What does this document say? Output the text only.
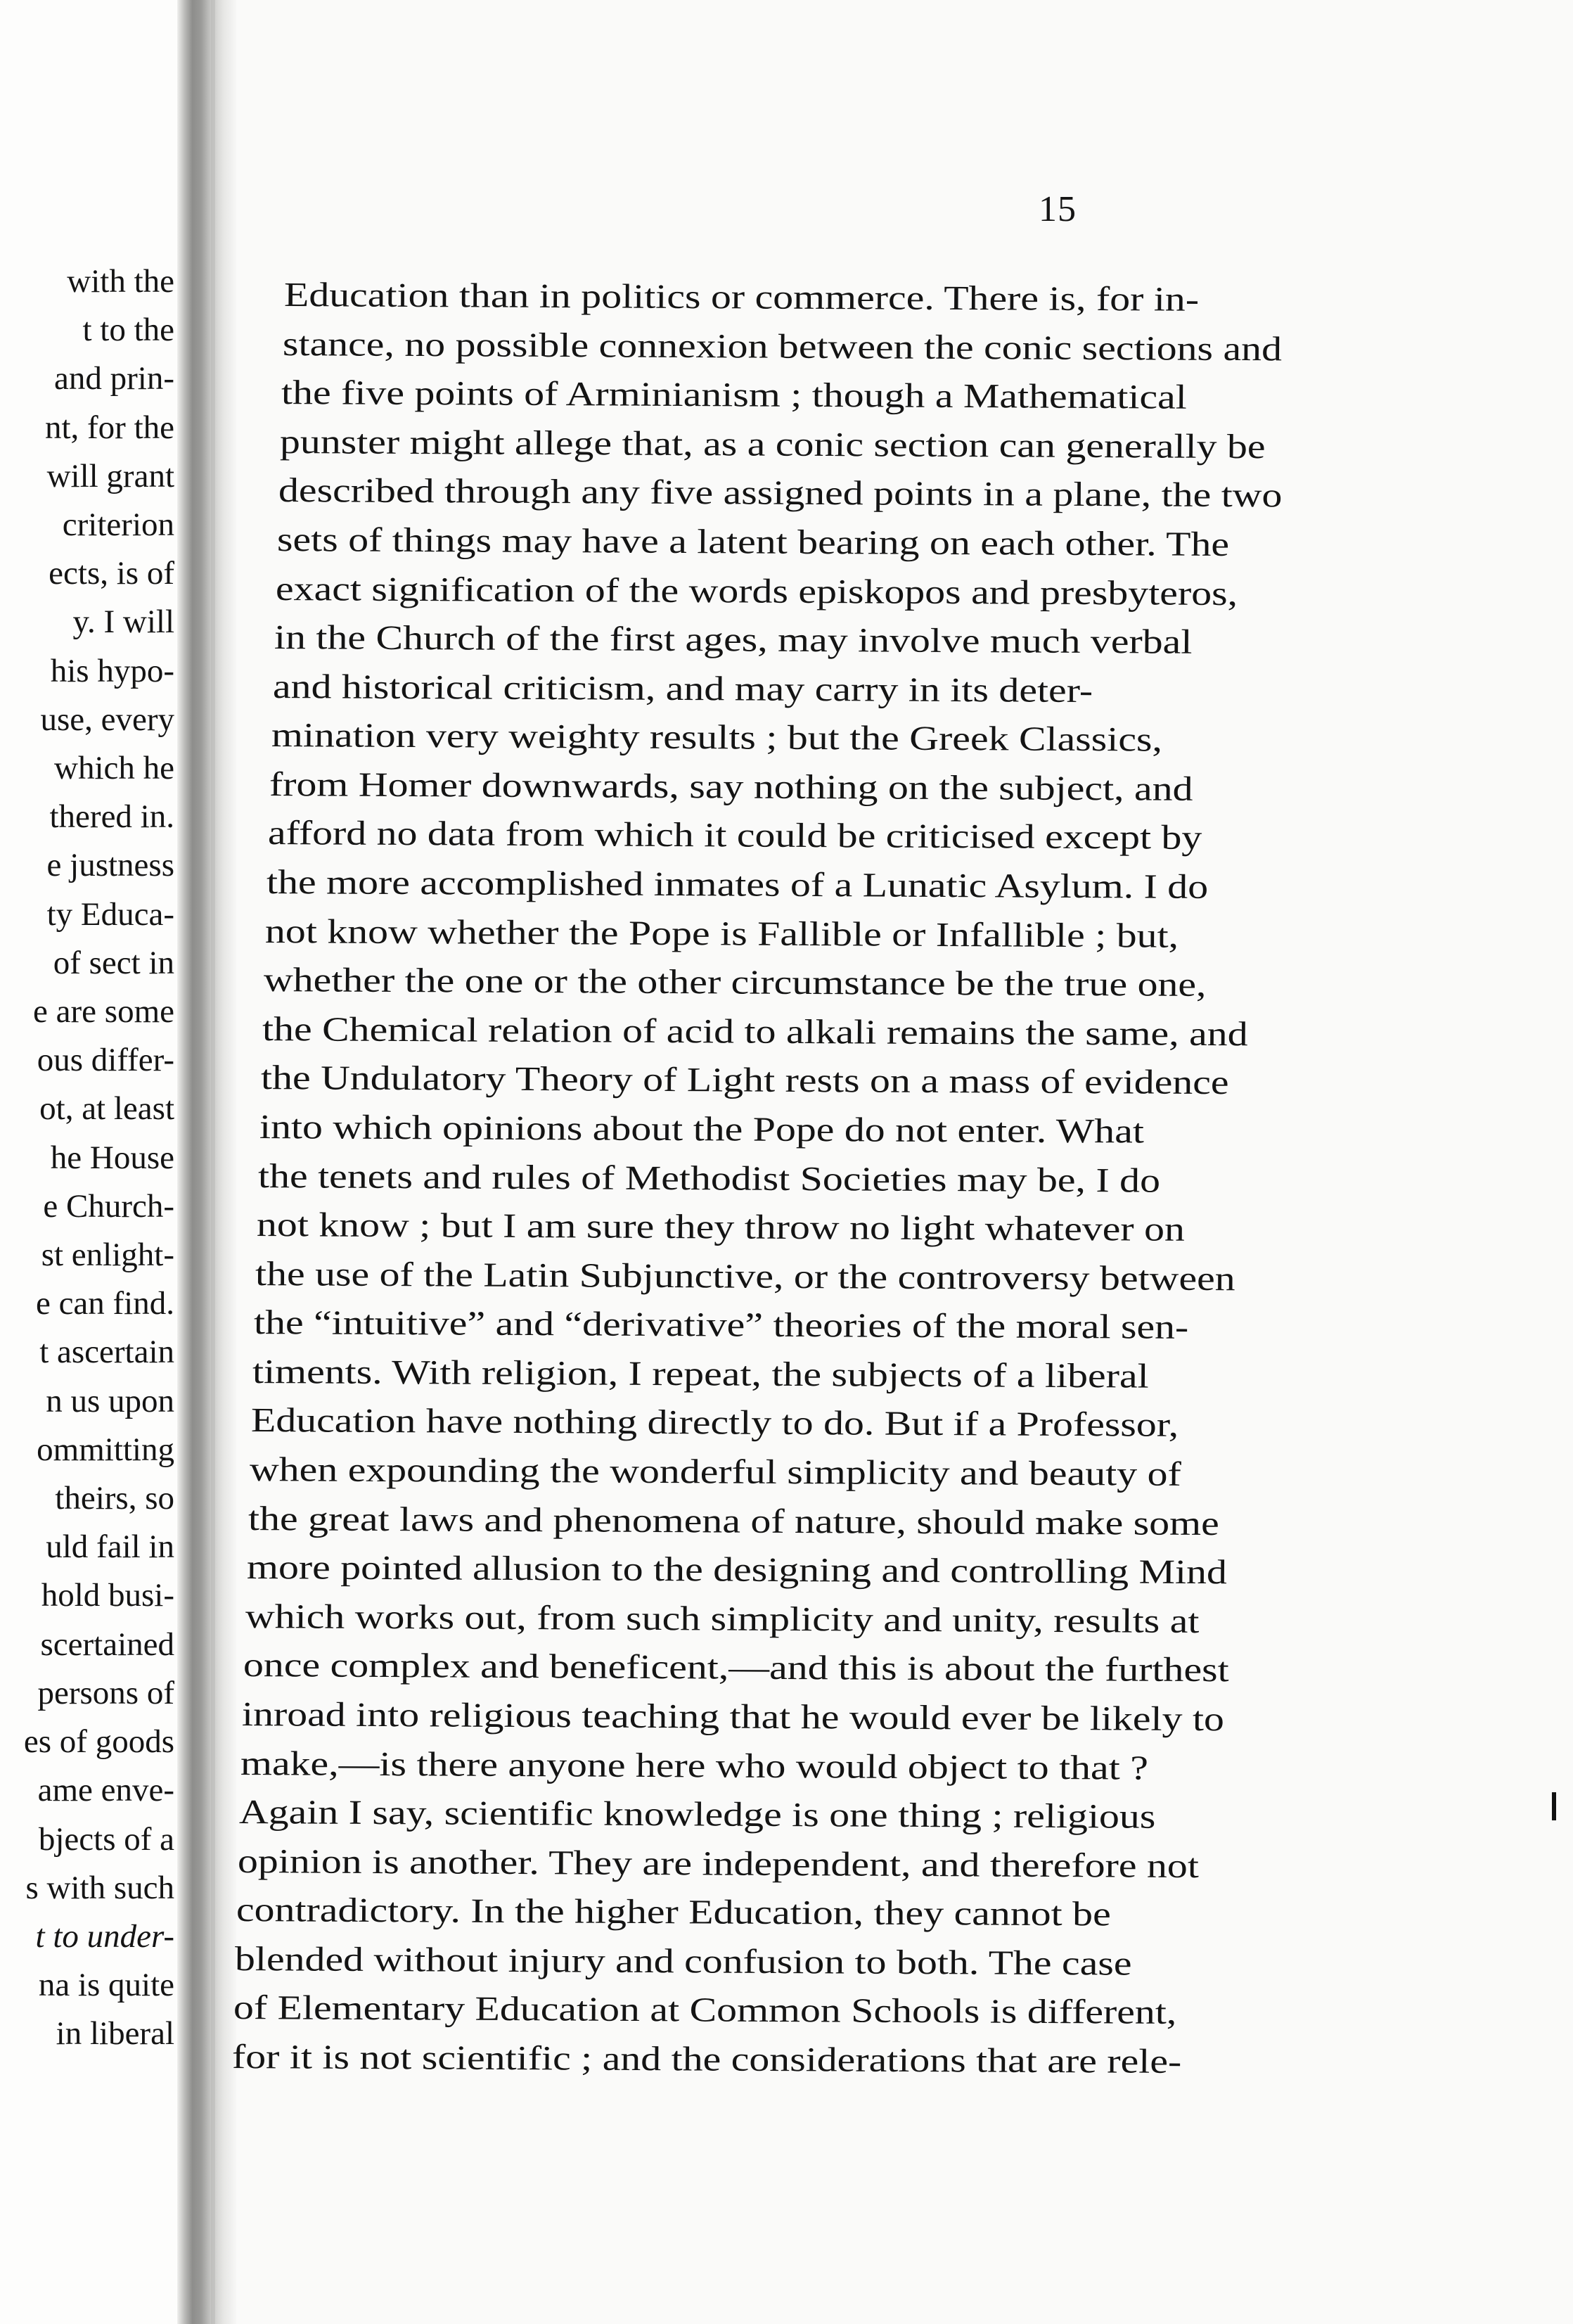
with the
t to the
and prin-
nt, for the
will grant
criterion
ects, is of
y. I will
his hypo-
use, every
which he
thered in.
e justness
ty Educa-
of sect in
e are some
ous differ-
ot, at least
he House
e Church-
st enlight-
e can find.
t ascertain
n us upon
ommitting
theirs, so
uld fail in
hold busi-
scertained
persons of
es of goods
ame enve-
bjects of a
s with such
t to under-
na is quite
in liberal
15
Education than in politics or commerce. There is, for in-
stance, no possible connexion between the conic sections and
the five points of Arminianism ; though a Mathematical
punster might allege that, as a conic section can generally be
described through any five assigned points in a plane, the two
sets of things may have a latent bearing on each other. The
exact signification of the words episkopos and presbyteros,
in the Church of the first ages, may involve much verbal
and historical criticism, and may carry in its deter-
mination very weighty results ; but the Greek Classics,
from Homer downwards, say nothing on the subject, and
afford no data from which it could be criticised except by
the more accomplished inmates of a Lunatic Asylum. I do
not know whether the Pope is Fallible or Infallible ; but,
whether the one or the other circumstance be the true one,
the Chemical relation of acid to alkali remains the same, and
the Undulatory Theory of Light rests on a mass of evidence
into which opinions about the Pope do not enter. What
the tenets and rules of Methodist Societies may be, I do
not know ; but I am sure they throw no light whatever on
the use of the Latin Subjunctive, or the controversy between
the “intuitive” and “derivative” theories of the moral sen-
timents. With religion, I repeat, the subjects of a liberal
Education have nothing directly to do. But if a Professor,
when expounding the wonderful simplicity and beauty of
the great laws and phenomena of nature, should make some
more pointed allusion to the designing and controlling Mind
which works out, from such simplicity and unity, results at
once complex and beneficent,—and this is about the furthest
inroad into religious teaching that he would ever be likely to
make,—is there anyone here who would object to that ?
Again I say, scientific knowledge is one thing ; religious
opinion is another. They are independent, and therefore not
contradictory. In the higher Education, they cannot be
blended without injury and confusion to both. The case
of Elementary Education at Common Schools is different,
for it is not scientific ; and the considerations that are rele-
